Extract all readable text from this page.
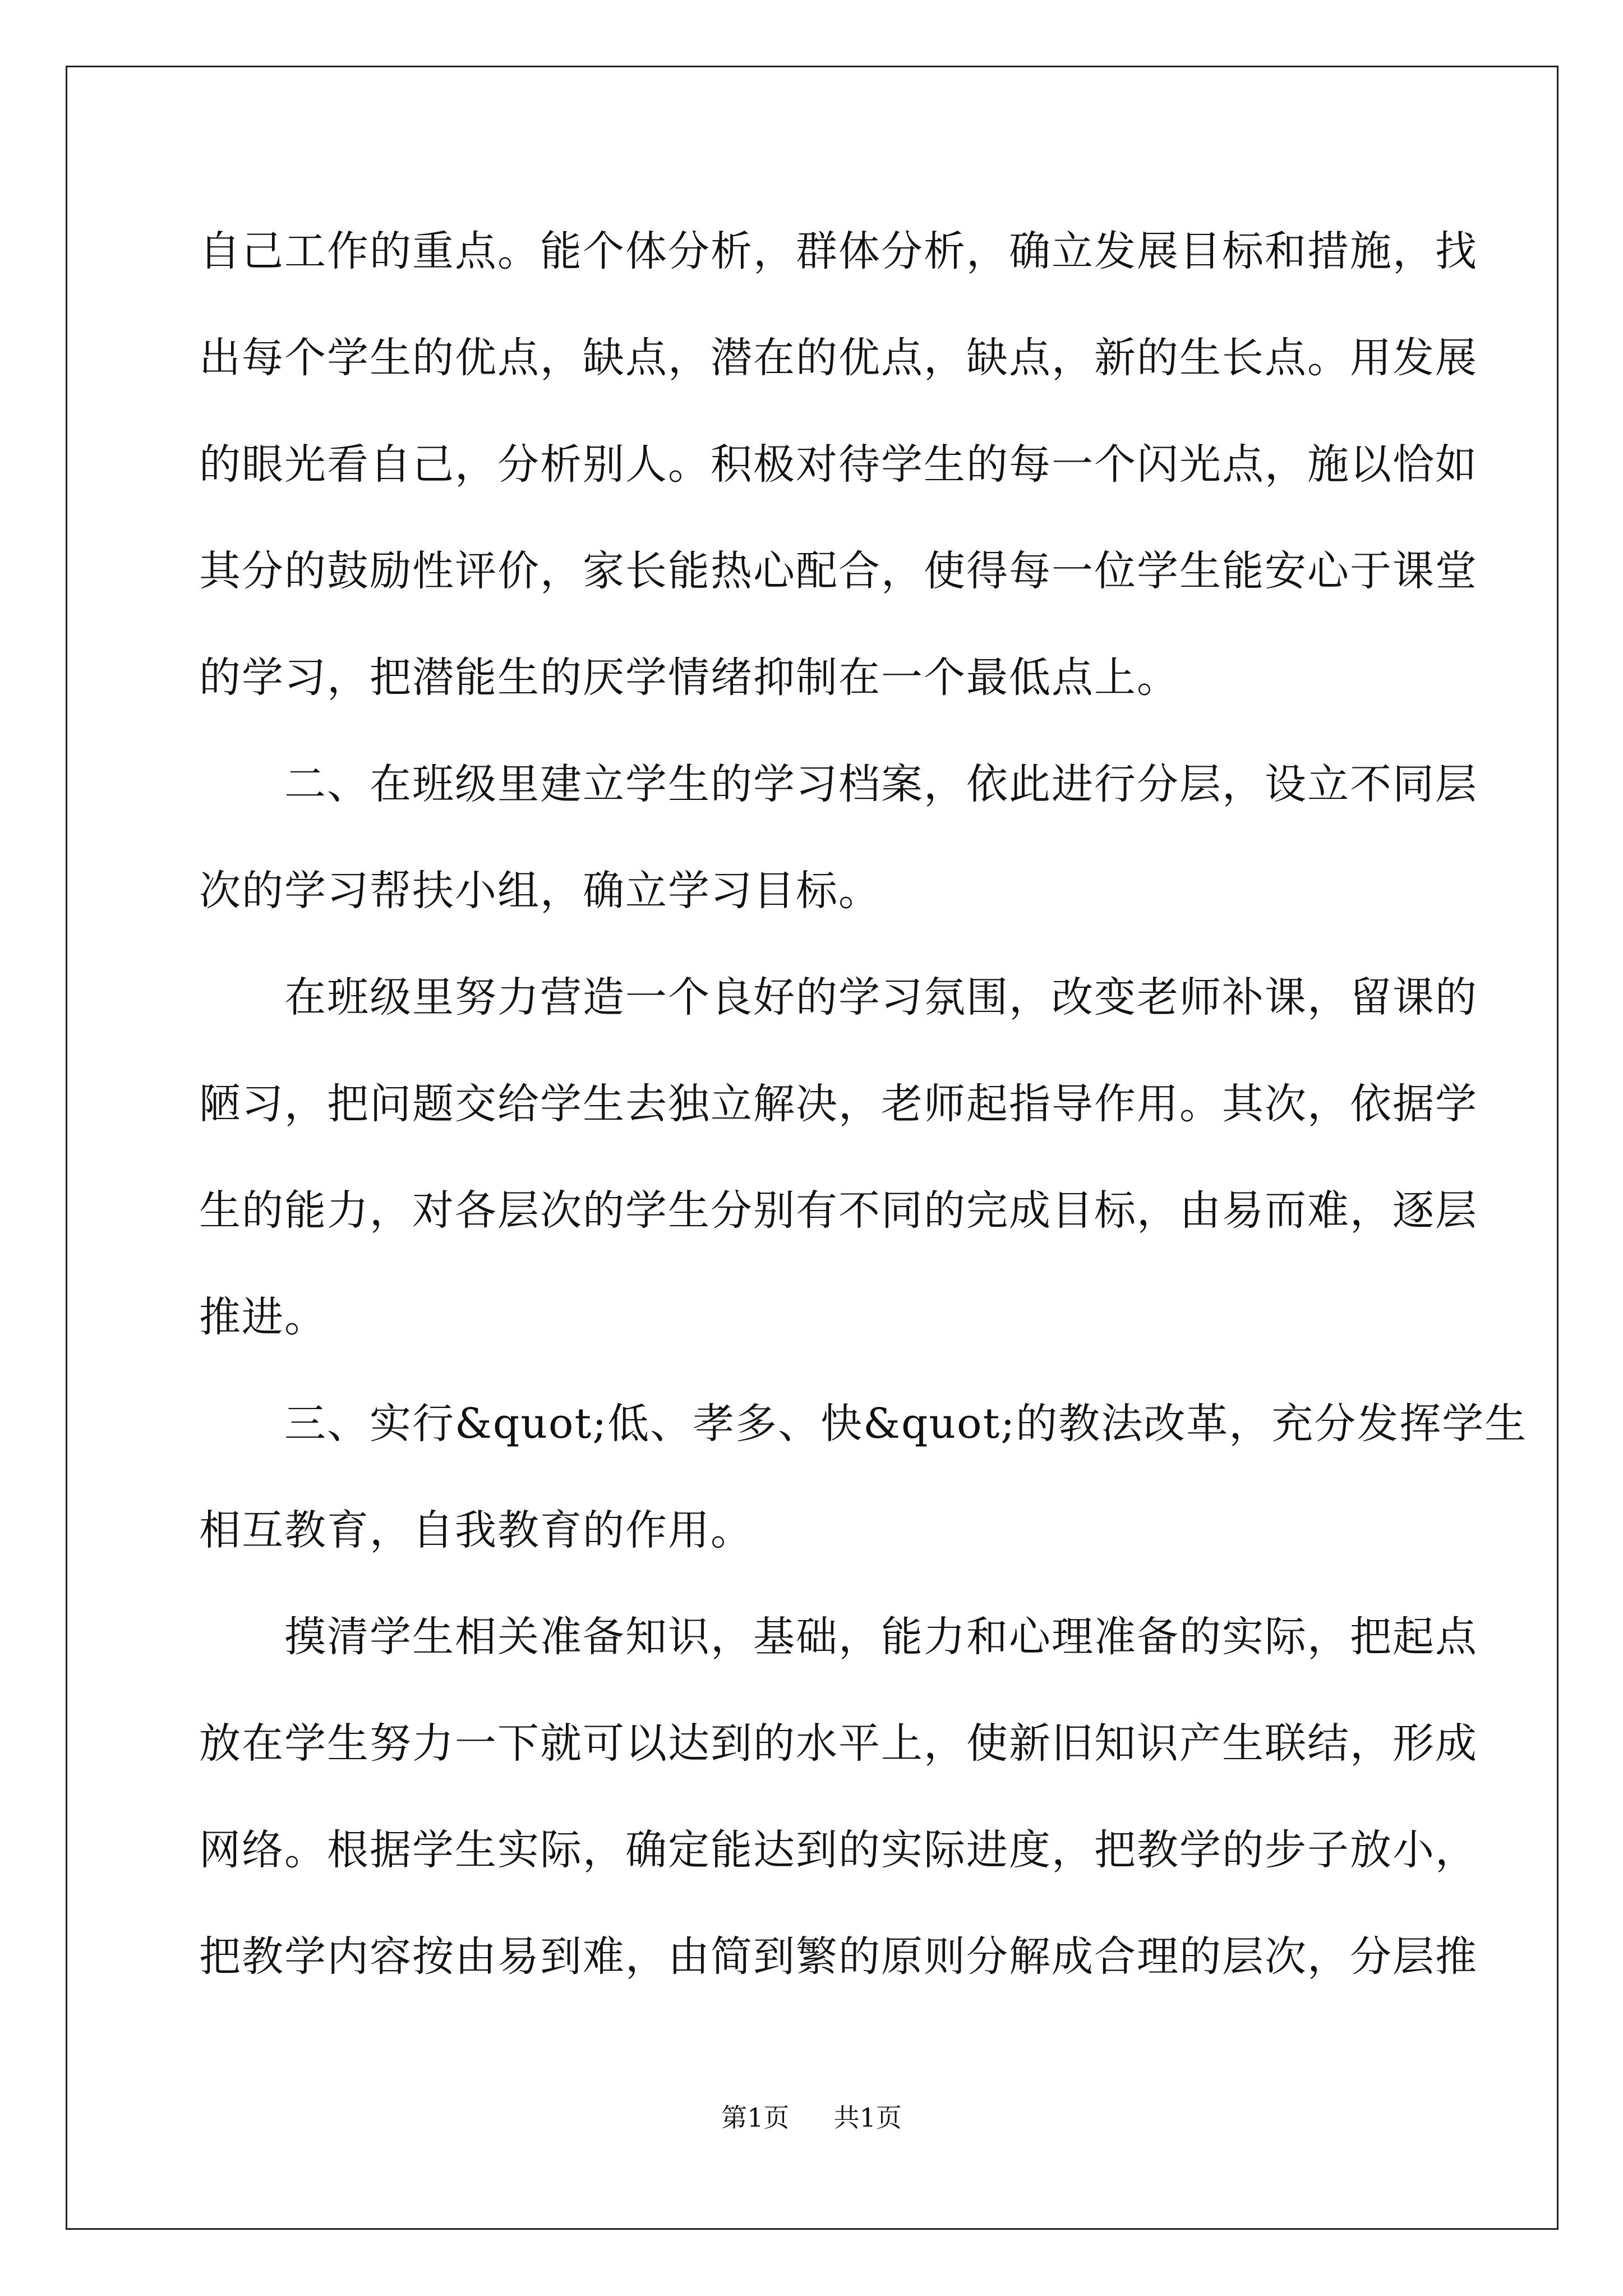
自己工作的重点。能个体分析，群体分析，确立发展目标和措施，找
出每个学生的优点，缺点，潜在的优点，缺点，新的生长点。用发展
的眼光看自己，分析别人。积极对待学生的每一个闪光点，施以恰如
其分的鼓励性评价，家长能热心配合，使得每一位学生能安心于课堂
的学习，把潜能生的厌学情绪抑制在一个最低点上。
　　二、在班级里建立学生的学习档案，依此进行分层，设立不同层
次的学习帮扶小组，确立学习目标。
　　在班级里努力营造一个良好的学习氛围，改变老师补课，留课的
陋习，把问题交给学生去独立解决，老师起指导作用。其次，依据学
生的能力，对各层次的学生分别有不同的完成目标，由易而难，逐层
推进。
　　三、实行&quot;低、孝多、快&quot;的教法改革，充分发挥学生
相互教育，自我教育的作用。
　　摸清学生相关准备知识，基础，能力和心理准备的实际，把起点
放在学生努力一下就可以达到的水平上，使新旧知识产生联结，形成
网络。根据学生实际，确定能达到的实际进度，把教学的步子放小，
把教学内容按由易到难，由简到繁的原则分解成合理的层次，分层推
第1页 共1页
